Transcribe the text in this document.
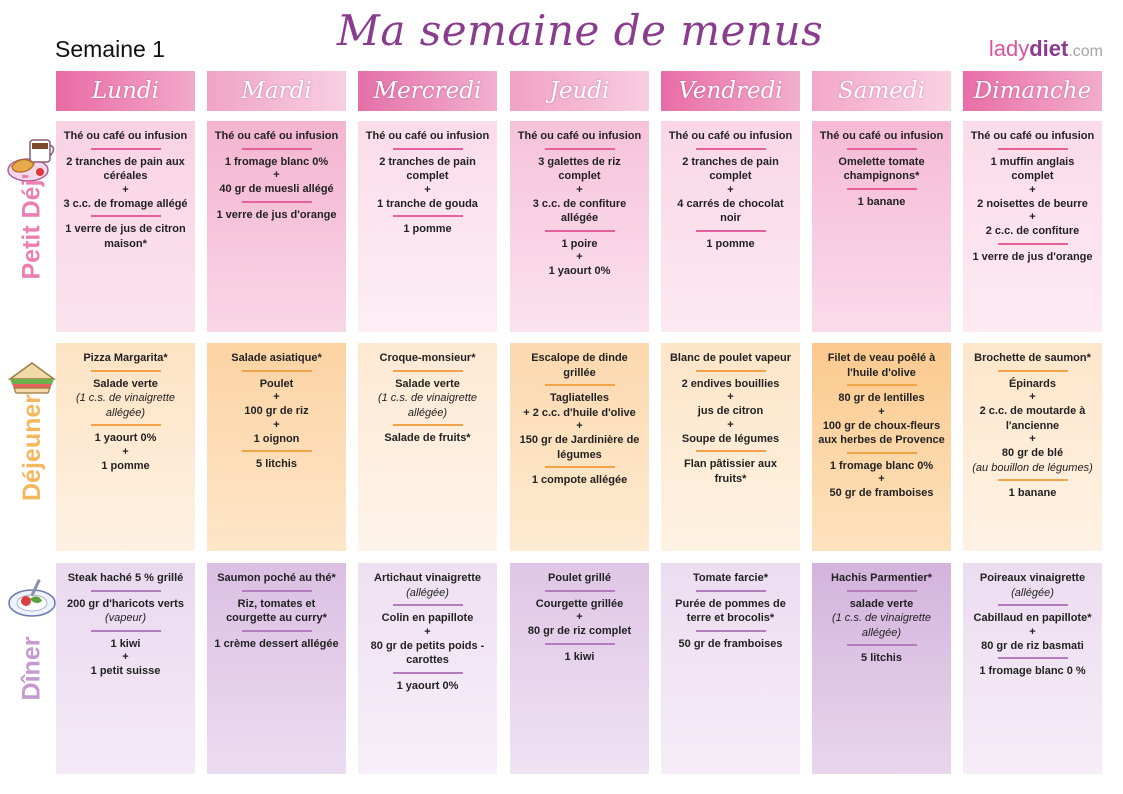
Semaine 1	Ma semaine de menus	ladydiet.com
Petit Déj'
Déjeuner
Dîner
Lundi
Thé ou café ou infusion
2 tranches de pain aux céréales
+
3 c.c. de fromage allégé
1 verre de jus de citron maison*
Pizza Margarita*
Salade verte
(1 c.s. de vinaigrette allégée)
1 yaourt 0%
+
1 pomme
Steak haché 5 % grillé
200 gr d'haricots verts
(vapeur)
1 kiwi
+
1 petit suisse
Mardi
Thé ou café ou infusion
1 fromage blanc 0%
+
40 gr de muesli allégé
1 verre de jus d'orange
Salade asiatique*
Poulet
+
100 gr de riz
+
1 oignon
5 litchis
Saumon poché au thé*
Riz, tomates et courgette au curry*
1 crème dessert allégée
Mercredi
Thé ou café ou infusion
2 tranches de pain complet
+
1 tranche de gouda
1 pomme
Croque-monsieur*
Salade verte
(1 c.s. de vinaigrette allégée)
Salade de fruits*
Artichaut vinaigrette
(allégée)
Colin en papillote
+
80 gr de petits poids - carottes
1 yaourt 0%
Jeudi
Thé ou café ou infusion
3 galettes de riz complet
+
3 c.c. de confiture allégée
1 poire
+
1 yaourt 0%
Escalope de dinde grillée
Tagliatelles
+ 2 c.c. d'huile d'olive
+
150 gr de Jardinière de légumes
1 compote allégée
Poulet grillé
Courgette grillée
+
80 gr de riz complet
1 kiwi
Vendredi
Thé ou café ou infusion
2 tranches de pain complet
+
4 carrés de chocolat noir
1 pomme
Blanc de poulet vapeur
2 endives bouillies
+
jus de citron
+
Soupe de légumes
Flan pâtissier aux fruits*
Tomate farcie*
Purée de pommes de terre et brocolis*
50 gr de framboises
Samedi
Thé ou café ou infusion
Omelette tomate champignons*
1 banane
Filet de veau poêlé à l'huile d'olive
80 gr de lentilles
+
100 gr de choux-fleurs aux herbes de Provence
1 fromage blanc 0%
+
50 gr de framboises
Hachis Parmentier*
salade verte
(1 c.s. de vinaigrette allégée)
5 litchis
Dimanche
Thé ou café ou infusion
1 muffin anglais complet
+
2 noisettes de beurre
+
2 c.c. de confiture
1 verre de jus d'orange
Brochette de saumon*
Épinards
+
2 c.c. de moutarde à l'ancienne
+
80 gr de blé
(au bouillon de légumes)
1 banane
Poireaux vinaigrette
(allégée)
Cabillaud en papillote*
+
80 gr de riz basmati
1 fromage blanc 0 %
